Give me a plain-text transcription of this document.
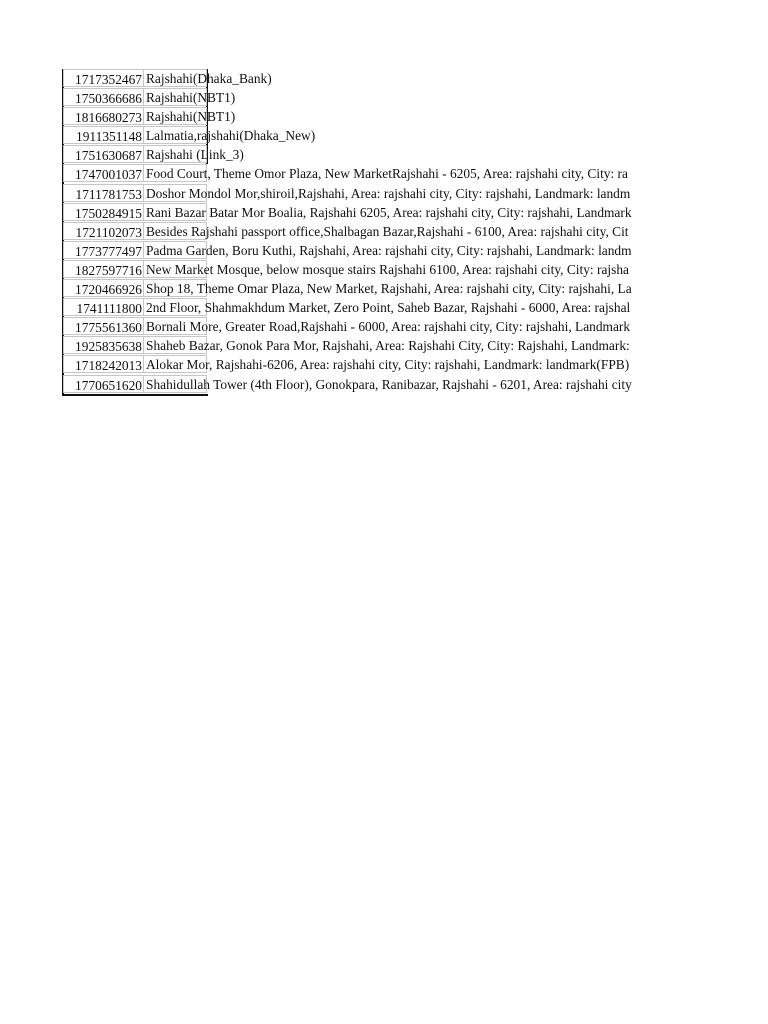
1717352467 Rajshahi(Dhaka_Bank)
1750366686 Rajshahi(NBT1)
1816680273 Rajshahi(NBT1)
1911351148 Lalmatia,rajshahi(Dhaka_New)
1751630687 Rajshahi (Link_3)
1747001037 Food Court, Theme Omor Plaza, New MarketRajshahi - 6205, Area: rajshahi city, City: ra
1711781753 Doshor Mondol Mor,shiroil,Rajshahi, Area: rajshahi city, City: rajshahi, Landmark: landm
1750284915 Rani Bazar Batar Mor Boalia, Rajshahi 6205, Area: rajshahi city, City: rajshahi, Landmark
1721102073 Besides Rajshahi passport office,Shalbagan Bazar,Rajshahi - 6100, Area: rajshahi city, Cit
1773777497 Padma Garden, Boru Kuthi, Rajshahi, Area: rajshahi city, City: rajshahi, Landmark: landm
1827597716 New Market Mosque, below mosque stairs Rajshahi 6100, Area: rajshahi city, City: rajsha
1720466926 Shop 18, Theme Omar Plaza, New Market, Rajshahi, Area: rajshahi city, City: rajshahi, La
1741111800 2nd Floor, Shahmakhdum Market, Zero Point, Saheb Bazar, Rajshahi - 6000, Area: rajshal
1775561360 Bornali More, Greater Road,Rajshahi - 6000, Area: rajshahi city, City: rajshahi, Landmark
1925835638 Shaheb Bazar, Gonok Para Mor, Rajshahi, Area: Rajshahi City, City: Rajshahi, Landmark:
1718242013 Alokar Mor, Rajshahi-6206, Area: rajshahi city, City: rajshahi, Landmark: landmark(FPB)
1770651620 Shahidullah Tower (4th Floor), Gonokpara, Ranibazar, Rajshahi - 6201, Area: rajshahi city
